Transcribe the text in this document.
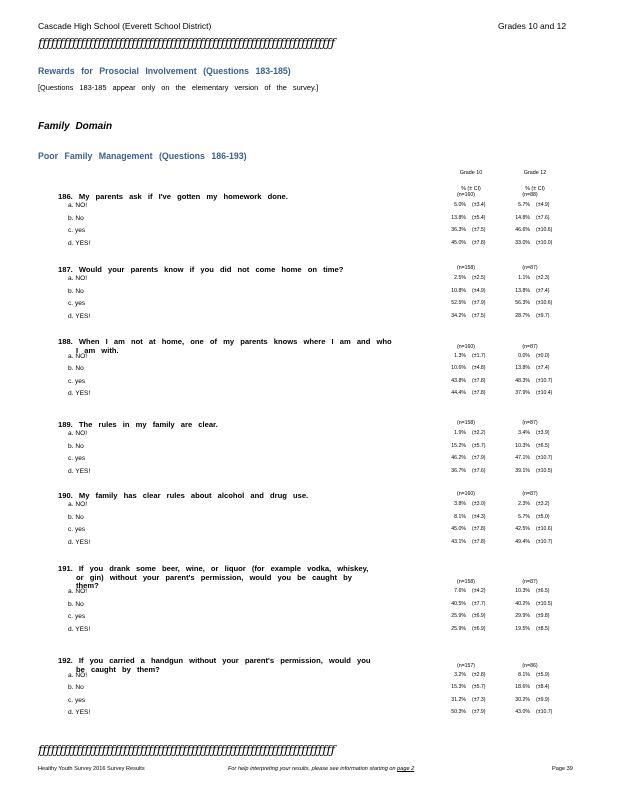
Cascade High School (Everett School District)	Grades 10 and 12
ƒƒƒƒƒƒƒƒƒƒƒƒƒƒƒƒƒƒƒƒƒƒƒƒƒƒƒƒƒƒƒƒƒƒƒƒƒƒƒƒƒƒƒƒƒƒƒƒƒƒƒƒƒƒƒƒƒƒƒƒƒƒƒƒƒƒƒƒƒƒ
Rewards for Prosocial Involvement (Questions 183-185)
[Questions 183-185 appear only on the elementary version of the survey.]
Family Domain
Poor Family Management (Questions 186-193)
Grade 10	Grade 12
% (± CI)	% (± CI)
186. My parents ask if I've gotten my homework done.	(n=160)	(n=88)
a. NO!	5.0% (±3.4)	5.7% (±4.9)
b. No	13.8% (±5.4)	14.8% (±7.6)
c. yes	36.3% (±7.5)	46.6% (±10.6)
d. YES!	45.0% (±7.8)	33.0% (±10.0)
187. Would your parents know if you did not come home on time?	(n=158)	(n=87)
a. NO!	2.5% (±2.5)	1.1% (±2.3)
b. No	10.8% (±4.9)	13.8% (±7.4)
c. yes	52.5% (±7.9)	56.3% (±10.6)
d. YES!	34.2% (±7.5)	28.7% (±9.7)
188. When I am not at home, one of my parents knows where I am and who
I am with.	(n=160)	(n=87)
a. NO!	1.3% (±1.7)	0.0% (±0.0)
b. No	10.6% (±4.8)	13.8% (±7.4)
c. yes	43.8% (±7.8)	48.3% (±10.7)
d. YES!	44.4% (±7.8)	37.9% (±10.4)
189. The rules in my family are clear.	(n=158)	(n=87)
a. NO!	1.9% (±2.2)	3.4% (±3.9)
b. No	15.2% (±5.7)	10.3% (±6.5)
c. yes	46.2% (±7.9)	47.1% (±10.7)
d. YES!	36.7% (±7.6)	39.1% (±10.5)
190. My family has clear rules about alcohol and drug use.	(n=160)	(n=87)
a. NO!	3.8% (±3.0)	2.3% (±3.2)
b. No	8.1% (±4.3)	5.7% (±5.0)
c. yes	45.0% (±7.8)	42.5% (±10.6)
d. YES!	43.1% (±7.8)	49.4% (±10.7)
191. If you drank some beer, wine, or liquor (for example vodka, whiskey,
or gin) without your parent's permission, would you be caught by
them?	(n=158)	(n=87)
a. NO!	7.6% (±4.2)	10.3% (±6.5)
b. No	40.5% (±7.7)	40.2% (±10.5)
c. yes	25.9% (±6.9)	29.9% (±9.8)
d. YES!	25.9% (±6.9)	19.5% (±8.5)
192. If you carried a handgun without your parent's permission, would you
be caught by them?	(n=157)	(n=86)
a. NO!	3.2% (±2.8)	8.1% (±5.9)
b. No	15.3% (±5.7)	18.6% (±8.4)
c. yes	31.2% (±7.3)	30.2% (±9.9)
d. YES!	50.3% (±7.9)	43.0% (±10.7)
ƒƒƒƒƒƒƒƒƒƒƒƒƒƒƒƒƒƒƒƒƒƒƒƒƒƒƒƒƒƒƒƒƒƒƒƒƒƒƒƒƒƒƒƒƒƒƒƒƒƒƒƒƒƒƒƒƒƒƒƒƒƒƒƒƒƒƒƒƒƒ
Healthy Youth Survey 2016 Survey Results	For help interpreting your results, please see information starting on page 2	Page 39
